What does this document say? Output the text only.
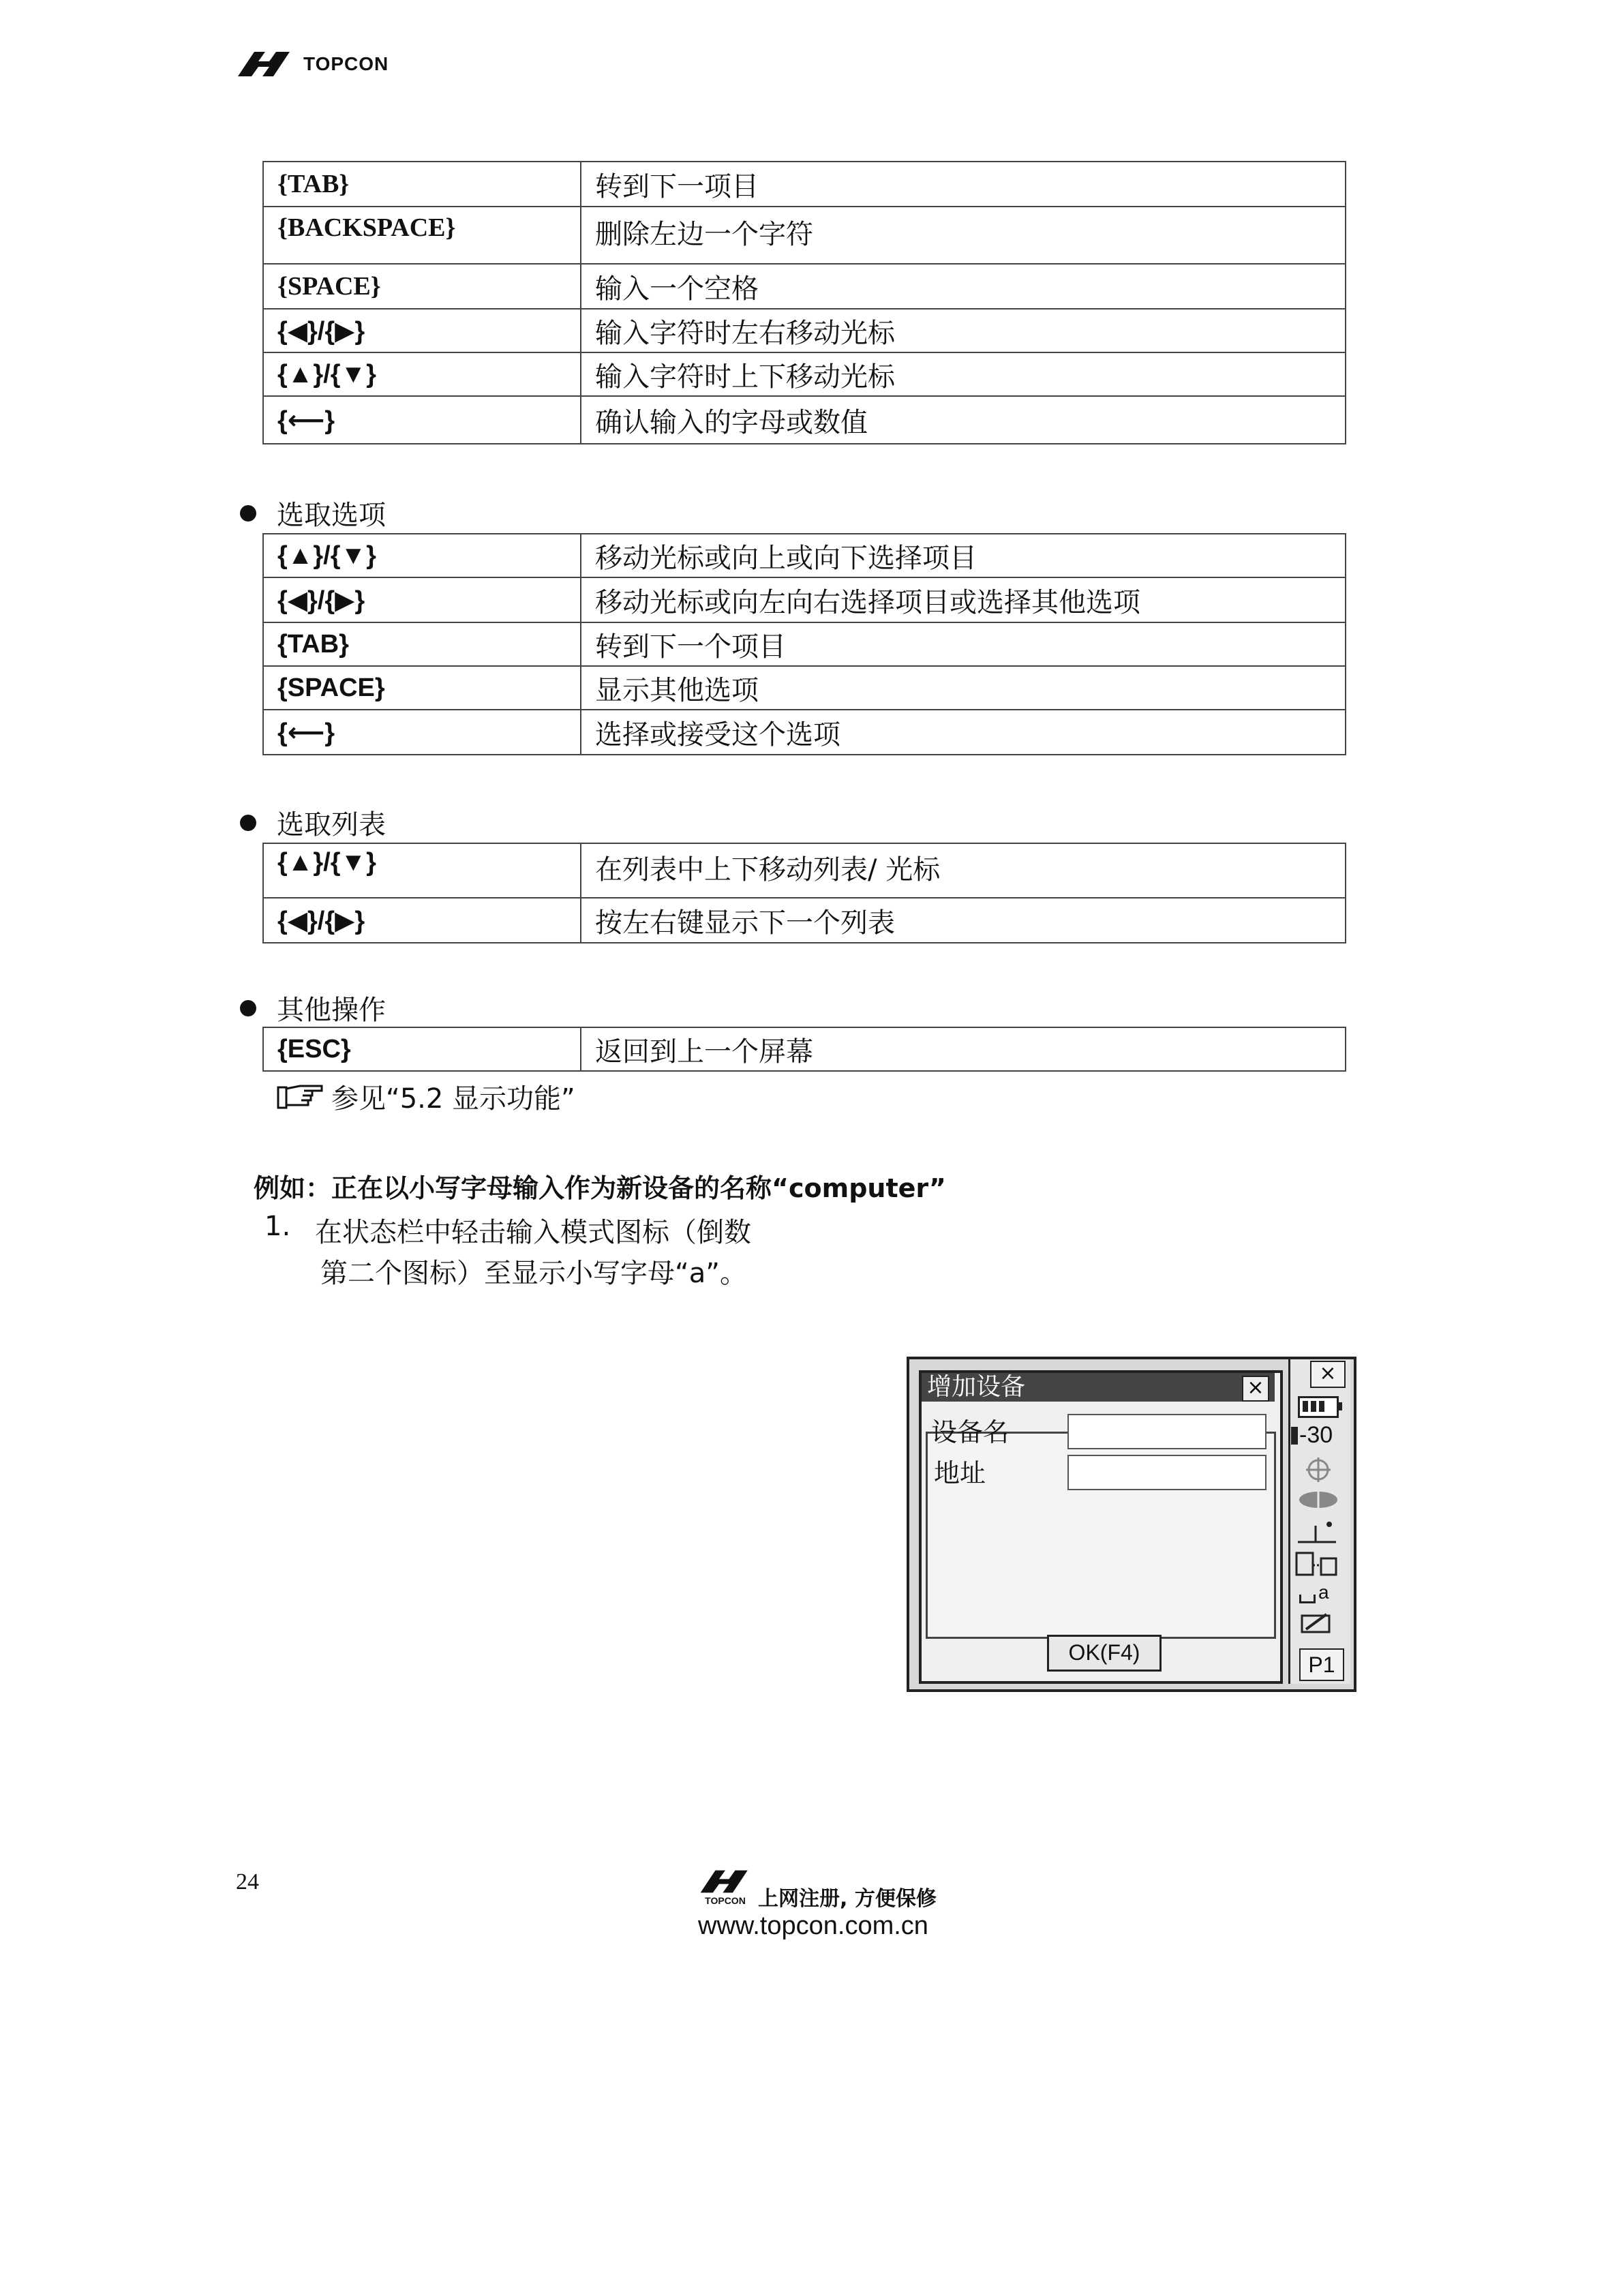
TOPCON
{TAB}	转到下一项目
{BACKSPACE}	删除左边一个字符
{SPACE}	输入一个空格
{◀}/{▶}	输入字符时左右移动光标
{▲}/{▼}	输入字符时上下移动光标
{⟵}	确认输入的字母或数值
选取选项
{▲}/{▼}	移动光标或向上或向下选择项目
{◀}/{▶}	移动光标或向左向右选择项目或选择其他选项
{TAB}	转到下一个项目
{SPACE}	显示其他选项
{⟵}	选择或接受这个选项
选取列表
{▲}/{▼}	在列表中上下移动列表/ 光标
{◀}/{▶}	按左右键显示下一个列表
其他操作
{ESC}	返回到上一个屏幕
参见“5.2 显示功能”
例如：正在以小写字母输入作为新设备的名称“computer”
1. 在状态栏中轻击输入模式图标（倒数
第二个图标）至显示小写字母“a”。
增加设备	×
设备名
地址
OK(F4)
×
-30
a
P1
24
TOPCON 上网注册, 方便保修
www.topcon.com.cn
